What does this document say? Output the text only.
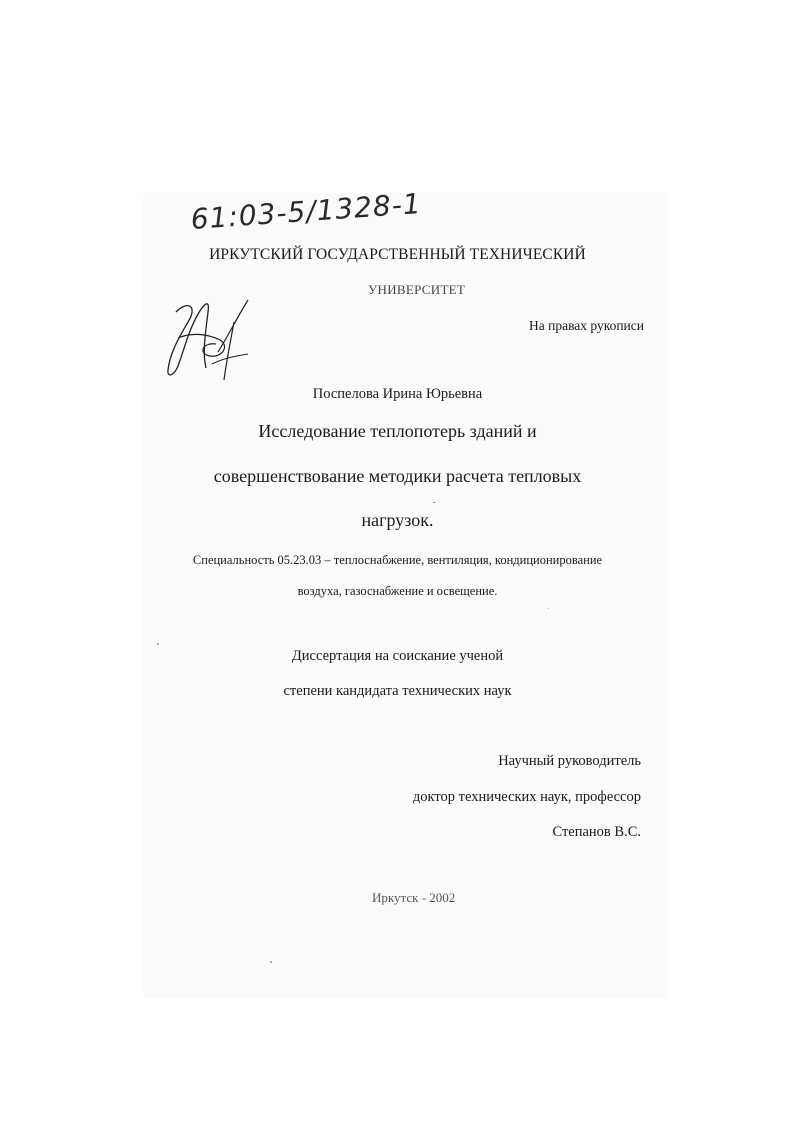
61:03-5/1328-1
ИРКУТСКИЙ ГОСУДАРСТВЕННЫЙ ТЕХНИЧЕСКИЙ
УНИВЕРСИТЕТ
На правах рукописи
Поспелова Ирина Юрьевна
Исследование теплопотерь зданий и
совершенствование методики расчета тепловых
нагрузок.
Специальность 05.23.03 – теплоснабжение, вентиляция, кондиционирование
воздуха, газоснабжение и освещение.
Диссертация на соискание ученой
степени кандидата технических наук
Научный руководитель
доктор технических наук, профессор
Степанов В.С.
Иркутск - 2002
